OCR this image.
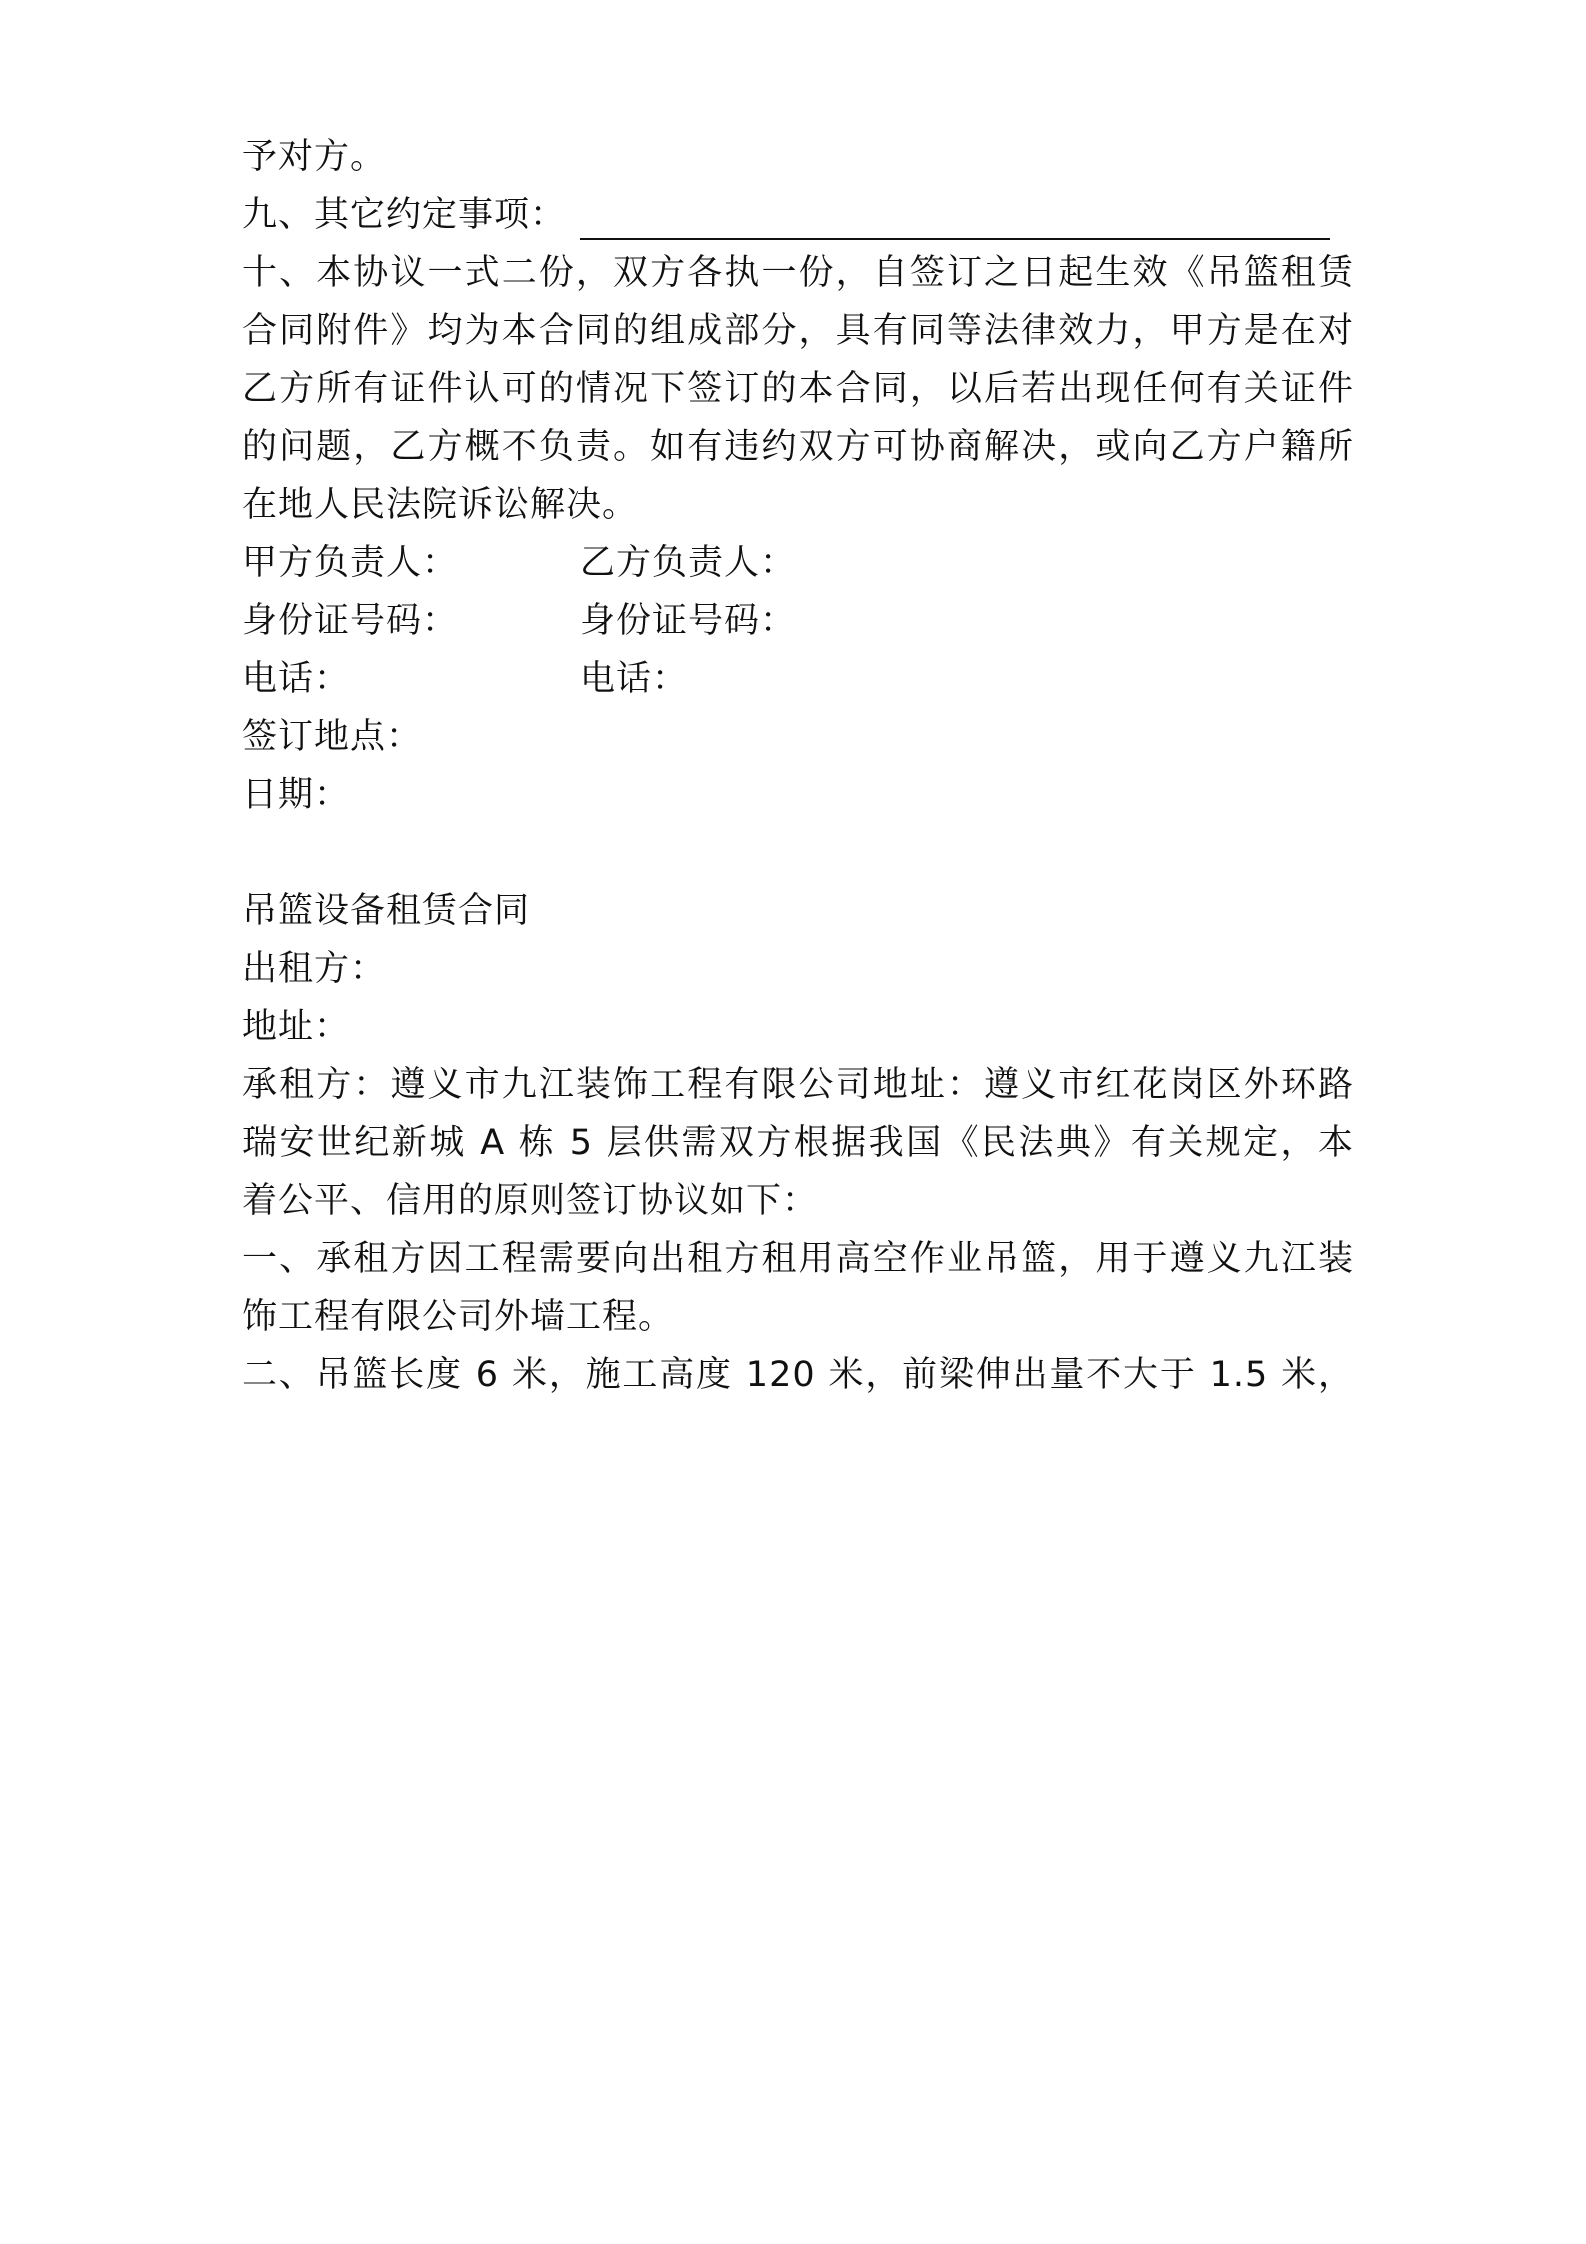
予对方。
九、其它约定事项：
十、本协议一式二份，双方各执一份，自签订之日起生效《吊篮租赁
合同附件》均为本合同的组成部分，具有同等法律效力，甲方是在对
乙方所有证件认可的情况下签订的本合同，以后若出现任何有关证件
的问题，乙方概不负责。如有违约双方可协商解决，或向乙方户籍所
在地人民法院诉讼解决。
甲方负责人：	乙方负责人：
身份证号码：	身份证号码：
电话：	电话：
签订地点：
日期：
吊篮设备租赁合同
出租方：
地址：
承租方：遵义市九江装饰工程有限公司地址：遵义市红花岗区外环路
瑞安世纪新城 A 栋 5 层供需双方根据我国《民法典》有关规定，本
着公平、信用的原则签订协议如下：
一、承租方因工程需要向出租方租用高空作业吊篮，用于遵义九江装
饰工程有限公司外墙工程。
二、吊篮长度 6 米，施工高度 120 米，前梁伸出量不大于 1.5 米，
